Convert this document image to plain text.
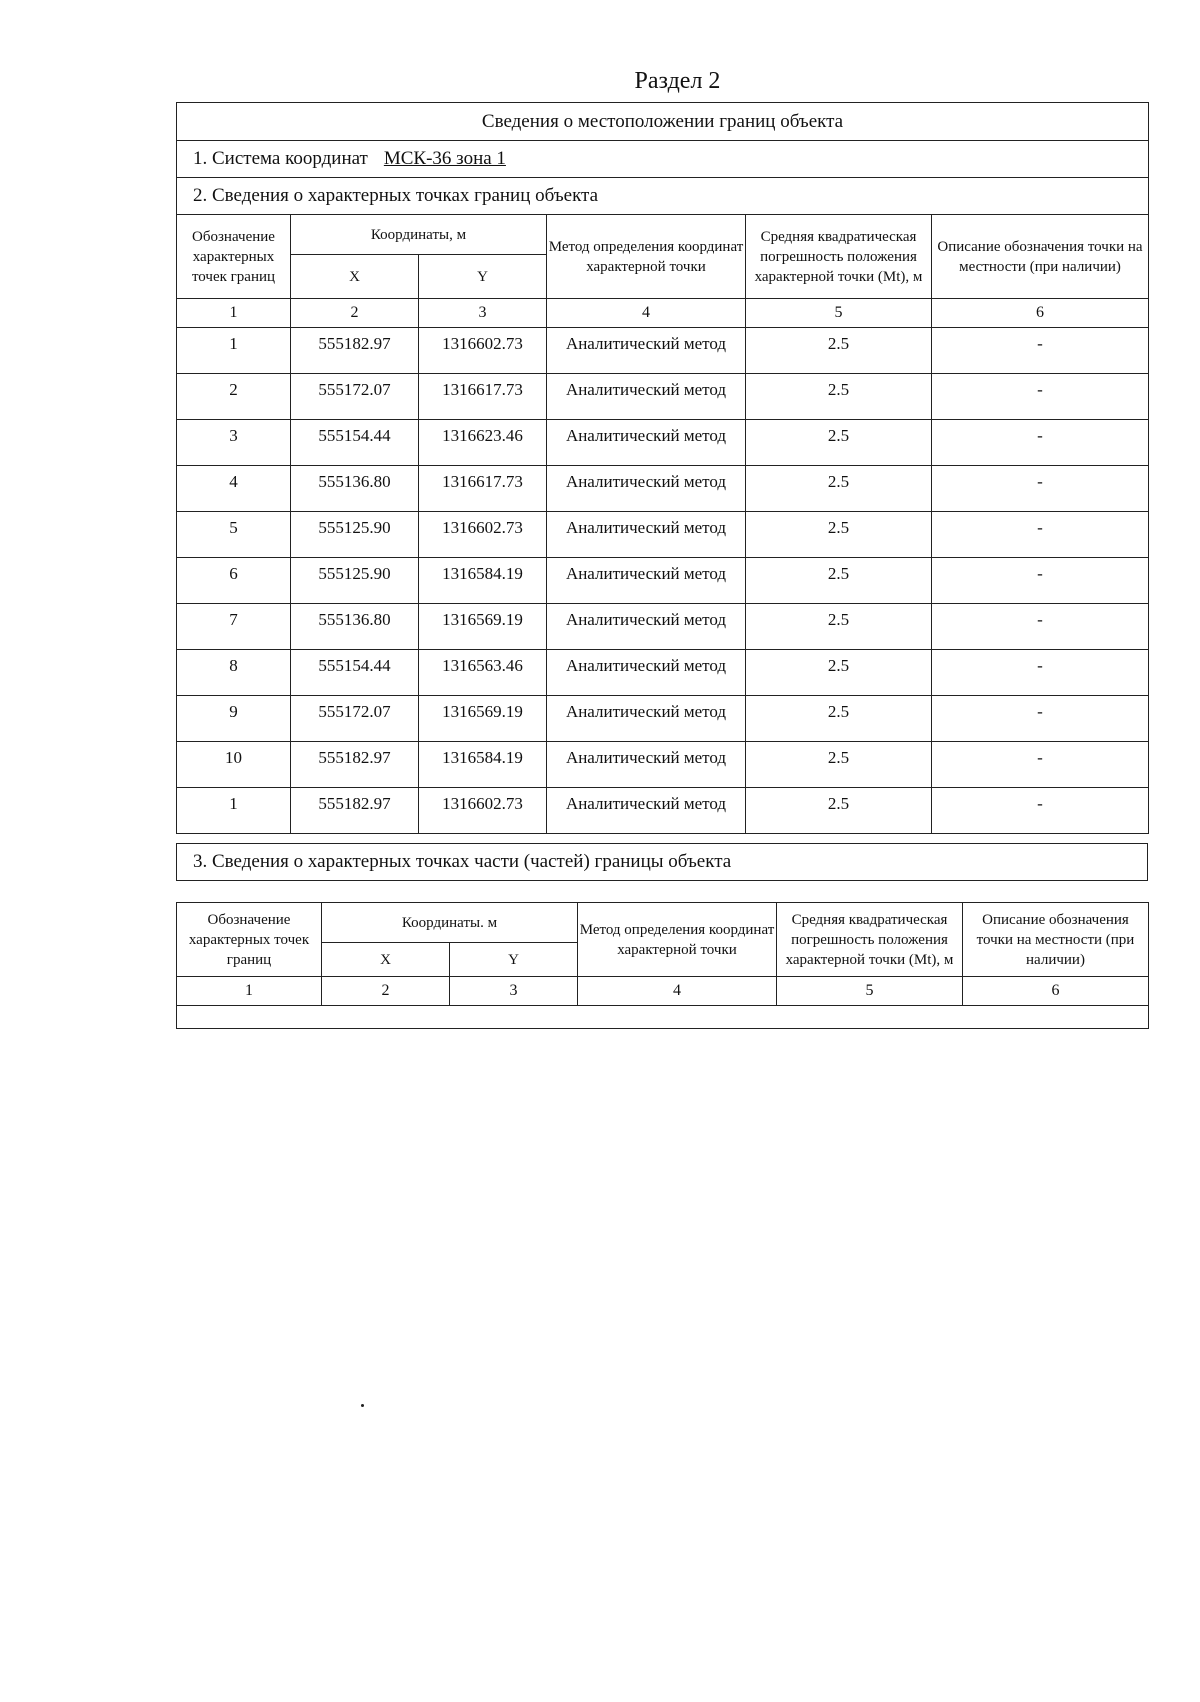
Раздел 2
Сведения о местоположении границ объекта					
1. Система координат МСК-36 зона 1					
2. Сведения о характерных точках границ объекта					
Обозначение характерных точек границ	Координаты, м		Метод определения координат характерной точки	Средняя квадратическая погрешность положения характерной точки (Mt), м	Описание обозначения точки на местности (при наличии)
	X	Y			
1	2	3	4	5	6
1	555182.97	1316602.73	Аналитический метод	2.5	-
2	555172.07	1316617.73	Аналитический метод	2.5	-
3	555154.44	1316623.46	Аналитический метод	2.5	-
4	555136.80	1316617.73	Аналитический метод	2.5	-
5	555125.90	1316602.73	Аналитический метод	2.5	-
6	555125.90	1316584.19	Аналитический метод	2.5	-
7	555136.80	1316569.19	Аналитический метод	2.5	-
8	555154.44	1316563.46	Аналитический метод	2.5	-
9	555172.07	1316569.19	Аналитический метод	2.5	-
10	555182.97	1316584.19	Аналитический метод	2.5	-
1	555182.97	1316602.73	Аналитический метод	2.5	-
3. Сведения о характерных точках части (частей) границы объекта
Обозначение характерных точек границ	Координаты. м		Метод определения координат характерной точки	Средняя квадратическая погрешность положения характерной точки (Mt), м	Описание обозначения точки на местности (при наличии)
	X	Y			
1	2	3	4	5	6
